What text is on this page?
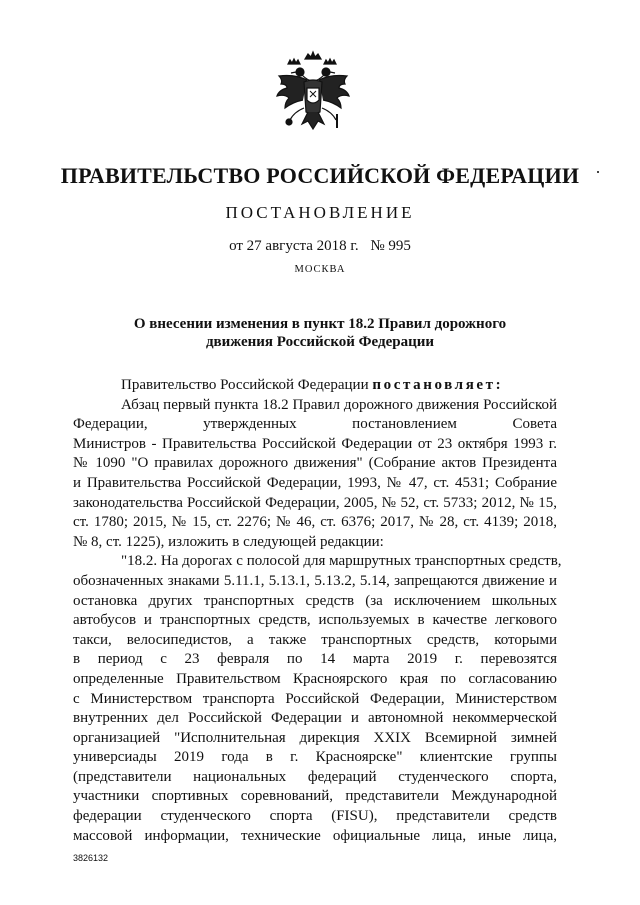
ПРАВИТЕЛЬСТВО РОССИЙСКОЙ ФЕДЕРАЦИИ
ПОСТАНОВЛЕНИЕ
от 27 августа 2018 г. № 995
МОСКВА
О внесении изменения в пункт 18.2 Правил дорожного
движения Российской Федерации
Правительство Российской Федерации постановляет:
Абзац первый пункта 18.2 Правил дорожного движения Российской
Федерации, утвержденных постановлением Совета
Министров - Правительства Российской Федерации от 23 октября 1993 г.
№ 1090 "О правилах дорожного движения" (Собрание актов Президента
и Правительства Российской Федерации, 1993, № 47, ст. 4531; Собрание
законодательства Российской Федерации, 2005, № 52, ст. 5733; 2012, № 15,
ст. 1780; 2015, № 15, ст. 2276; № 46, ст. 6376; 2017, № 28, ст. 4139; 2018,
№ 8, ст. 1225), изложить в следующей редакции:
"18.2. На дорогах с полосой для маршрутных транспортных средств,
обозначенных знаками 5.11.1, 5.13.1, 5.13.2, 5.14, запрещаются движение и
остановка других транспортных средств (за исключением школьных
автобусов и транспортных средств, используемых в качестве легкового
такси, велосипедистов, а также транспортных средств, которыми
в период с 23 февраля по 14 марта 2019 г. перевозятся
определенные Правительством Красноярского края по согласованию
с Министерством транспорта Российской Федерации, Министерством
внутренних дел Российской Федерации и автономной некоммерческой
организацией "Исполнительная дирекция XXIX Всемирной зимней
универсиады 2019 года в г. Красноярске" клиентские группы
(представители национальных федераций студенческого спорта,
участники спортивных соревнований, представители Международной
федерации студенческого спорта (FISU), представители средств
массовой информации, технические официальные лица, иные лица,
3826132
